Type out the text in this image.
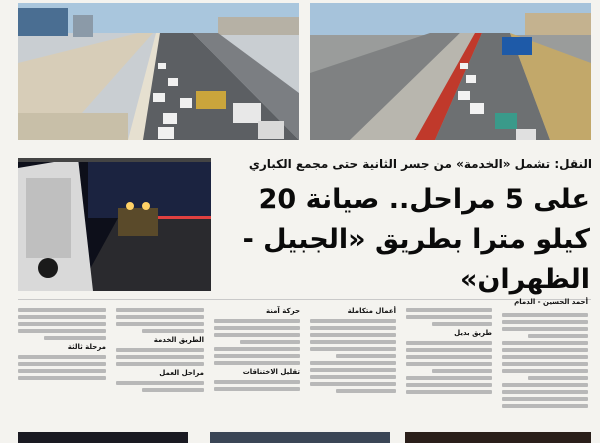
النقل: تشمل «الخدمة» من جسر الثانية حتى مجمع الكباري
على 5 مراحل.. صيانة 20 كيلو مترا بطريق «الجبيل - الظهران»
أحمد الحسين - الدمام
طريق بديل
أعمال متكاملة
حركة آمنة
تقليل الاختناقات
الطريق الخدمة
مراحل العمل
مرحلة ثالثة
